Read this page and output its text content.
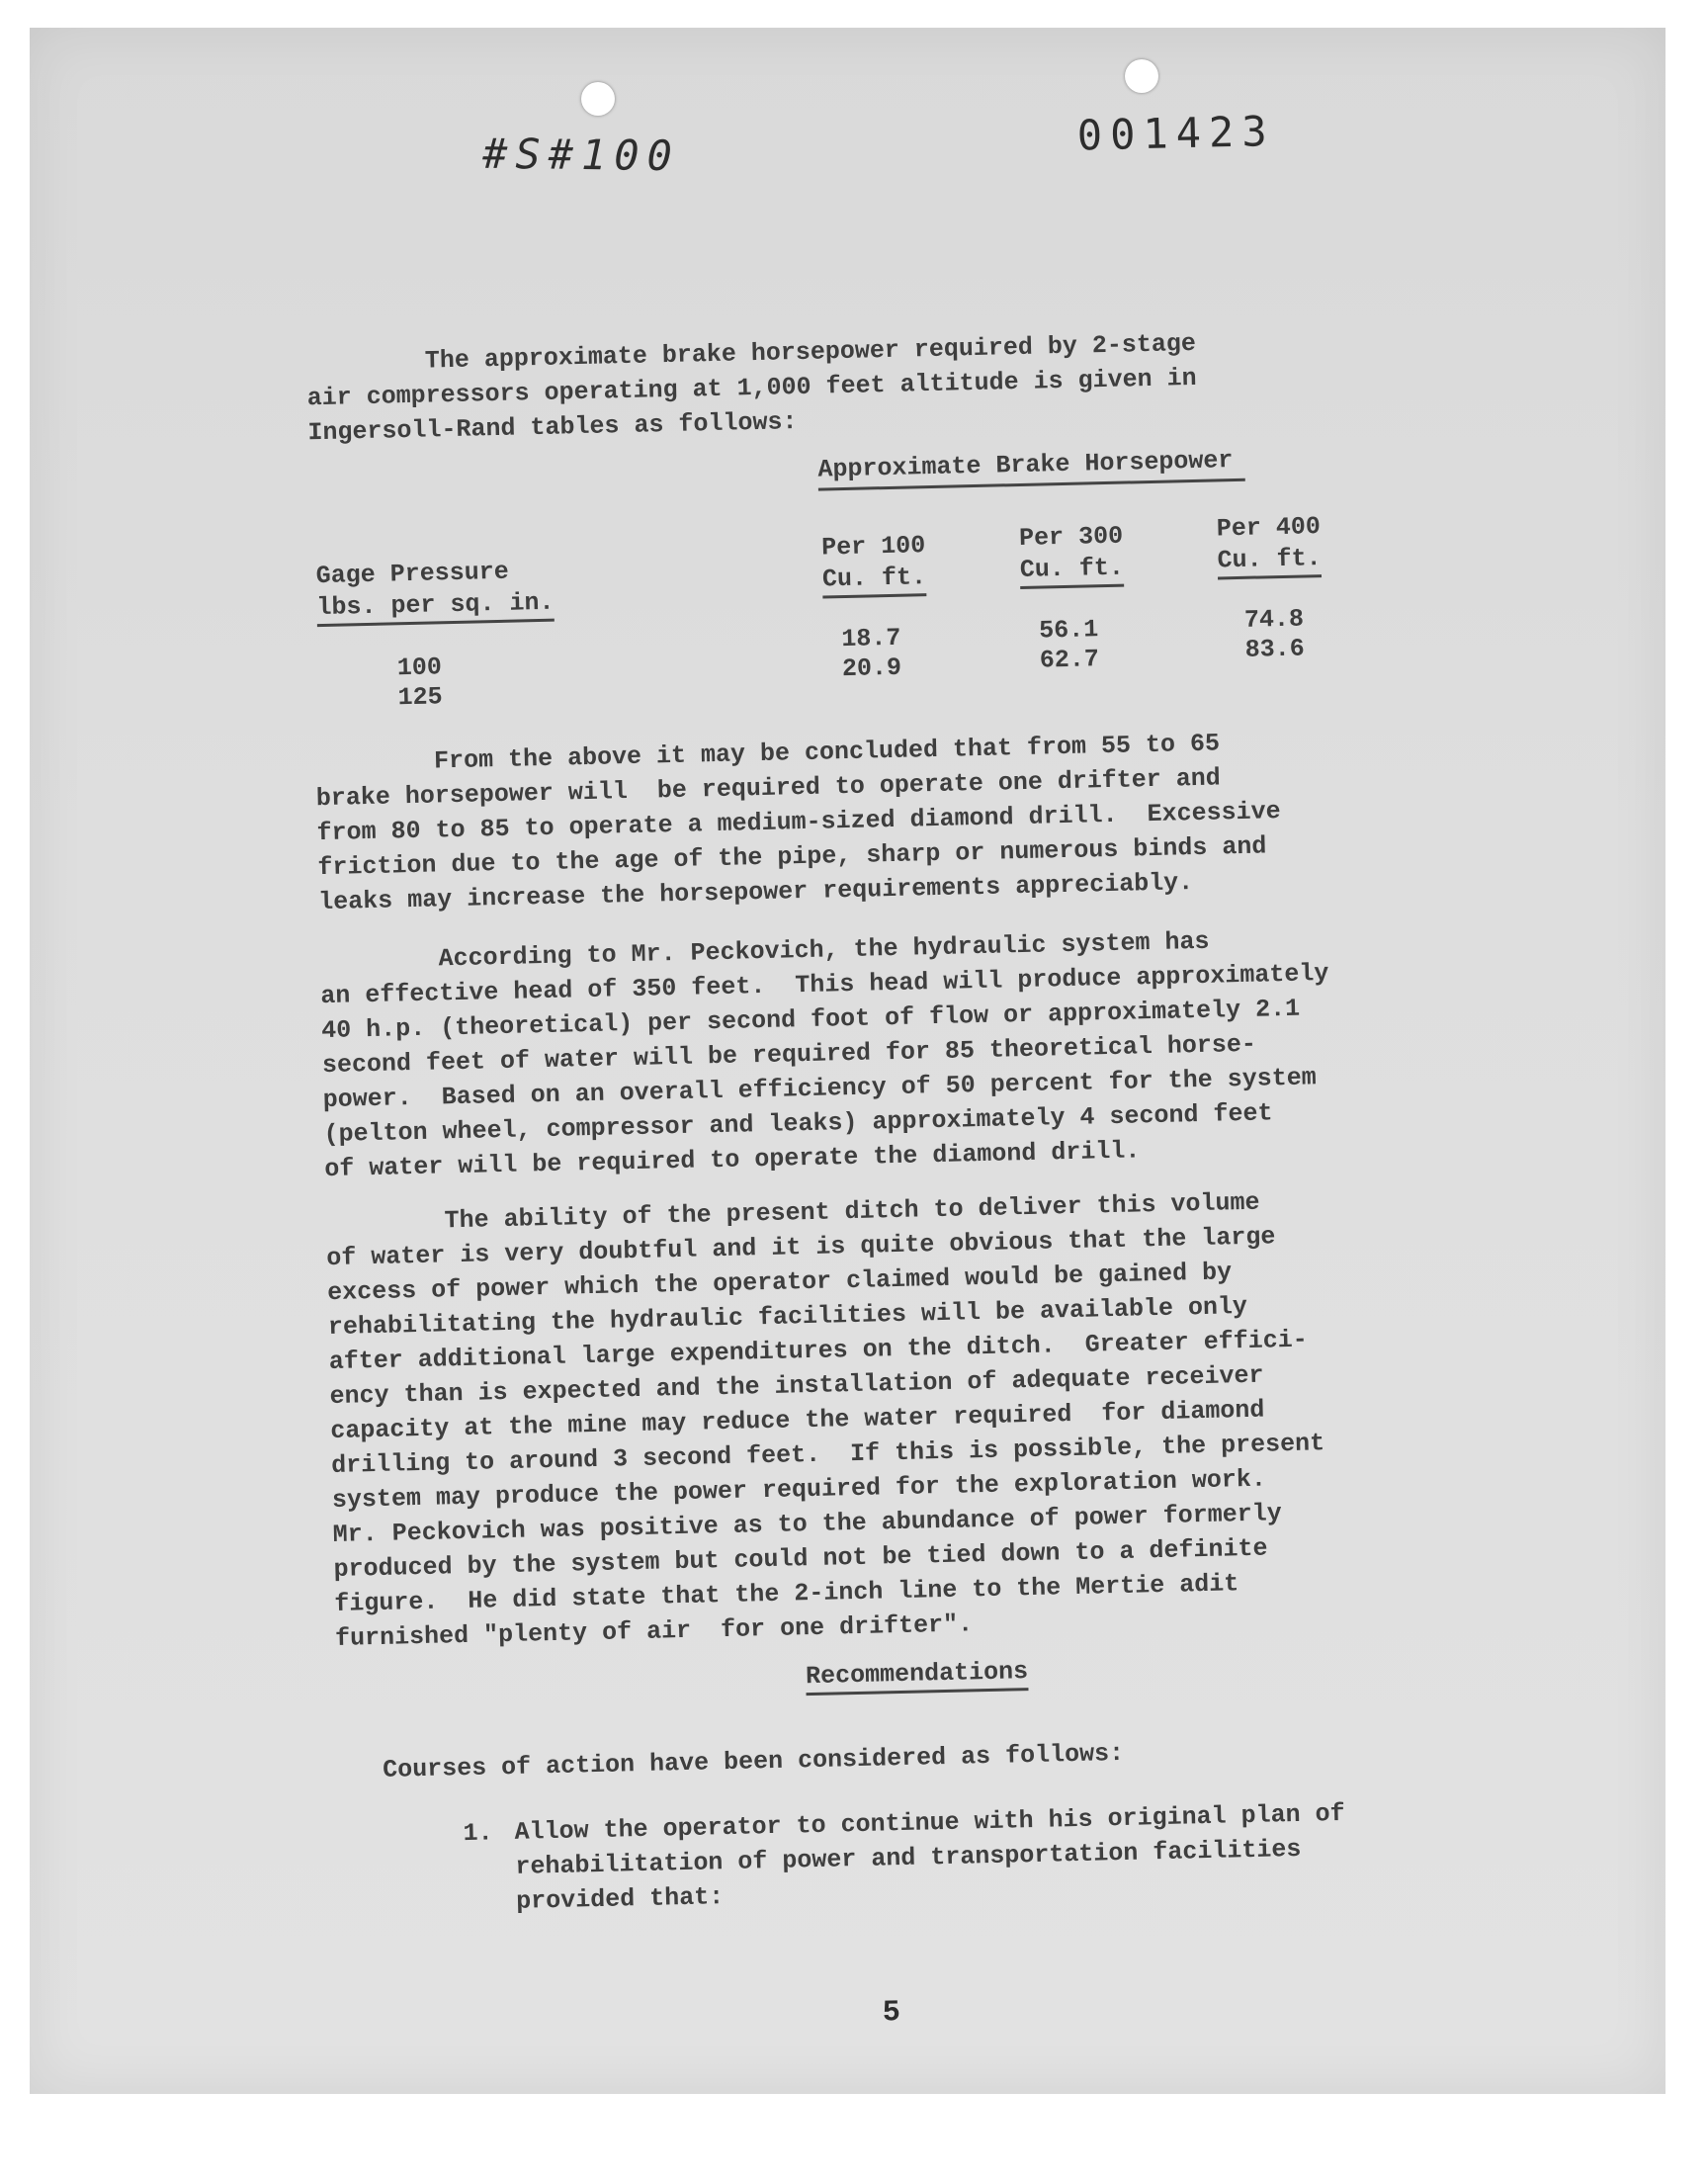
#S#100	001423
The approximate brake horsepower required by 2-stage
air compressors operating at 1,000 feet altitude is given in
Ingersoll-Rand tables as follows:
Approximate Brake Horsepower
Gage Pressure
lbs. per sq. in.
Per 100
Cu. ft.
Per 300
Cu. ft.
Per 400
Cu. ft.
100
125
18.7
20.9
56.1
62.7
74.8
83.6
From the above it may be concluded that from 55 to 65
brake horsepower will  be required to operate one drifter and
from 80 to 85 to operate a medium-sized diamond drill.  Excessive
friction due to the age of the pipe, sharp or numerous binds and
leaks may increase the horsepower requirements appreciably.
According to Mr. Peckovich, the hydraulic system has
an effective head of 350 feet.  This head will produce approximately
40 h.p. (theoretical) per second foot of flow or approximately 2.1
second feet of water will be required for 85 theoretical horse-
power.  Based on an overall efficiency of 50 percent for the system
(pelton wheel, compressor and leaks) approximately 4 second feet
of water will be required to operate the diamond drill.
The ability of the present ditch to deliver this volume
of water is very doubtful and it is quite obvious that the large
excess of power which the operator claimed would be gained by
rehabilitating the hydraulic facilities will be available only
after additional large expenditures on the ditch.  Greater effici-
ency than is expected and the installation of adequate receiver
capacity at the mine may reduce the water required  for diamond
drilling to around 3 second feet.  If this is possible, the present
system may produce the power required for the exploration work.
Mr. Peckovich was positive as to the abundance of power formerly
produced by the system but could not be tied down to a definite
figure.  He did state that the 2-inch line to the Mertie adit
furnished "plenty of air  for one drifter".
Recommendations
Courses of action have been considered as follows:
1. Allow the operator to continue with his original plan of
rehabilitation of power and transportation facilities
provided that:
5
